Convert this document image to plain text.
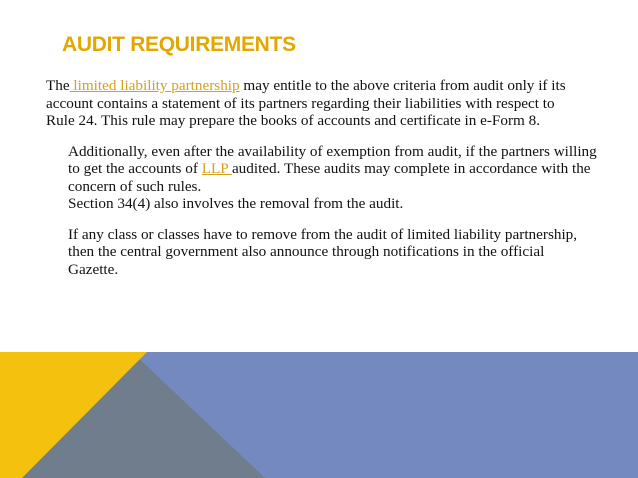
AUDIT REQUIREMENTS

The limited liability partnership may entitle to the above criteria from audit only if its
account contains a statement of its partners regarding their liabilities with respect to
Rule 24. This rule may prepare the books of accounts and certificate in e-Form 8.

Additionally, even after the availability of exemption from audit, if the partners willing
to get the accounts of LLP audited. These audits may complete in accordance with the
concern of such rules.
Section 34(4) also involves the removal from the audit.

If any class or classes have to remove from the audit of limited liability partnership,
then the central government also announce through notifications in the official
Gazette.
